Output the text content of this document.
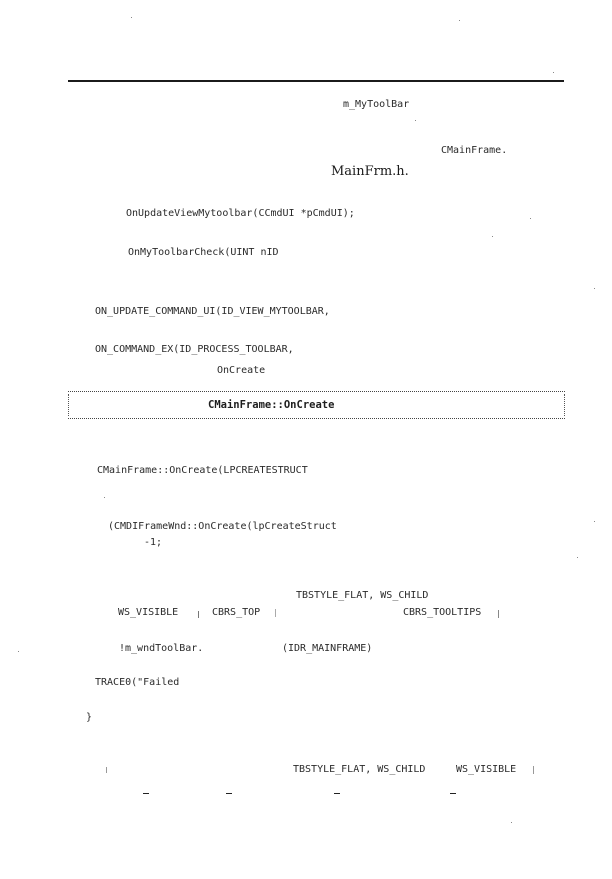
m_MyToolBar
CMainFrame.
MainFrm.h.
OnUpdateViewMytoolbar(CCmdUI *pCmdUI);
OnMyToolbarCheck(UINT nID
ON_UPDATE_COMMAND_UI(ID_VIEW_MYTOOLBAR,
ON_COMMAND_EX(ID_PROCESS_TOOLBAR,
OnCreate
CMainFrame::OnCreate
CMainFrame::OnCreate(LPCREATESTRUCT
(CMDIFrameWnd::OnCreate(lpCreateStruct
-1;
TBSTYLE_FLAT, WS_CHILD
WS_VISIBLE	CBRS_TOP	CBRS_TOOLTIPS
!m_wndToolBar.	(IDR_MAINFRAME)
TRACE0("Failed
}
TBSTYLE_FLAT, WS_CHILD	WS_VISIBLE
